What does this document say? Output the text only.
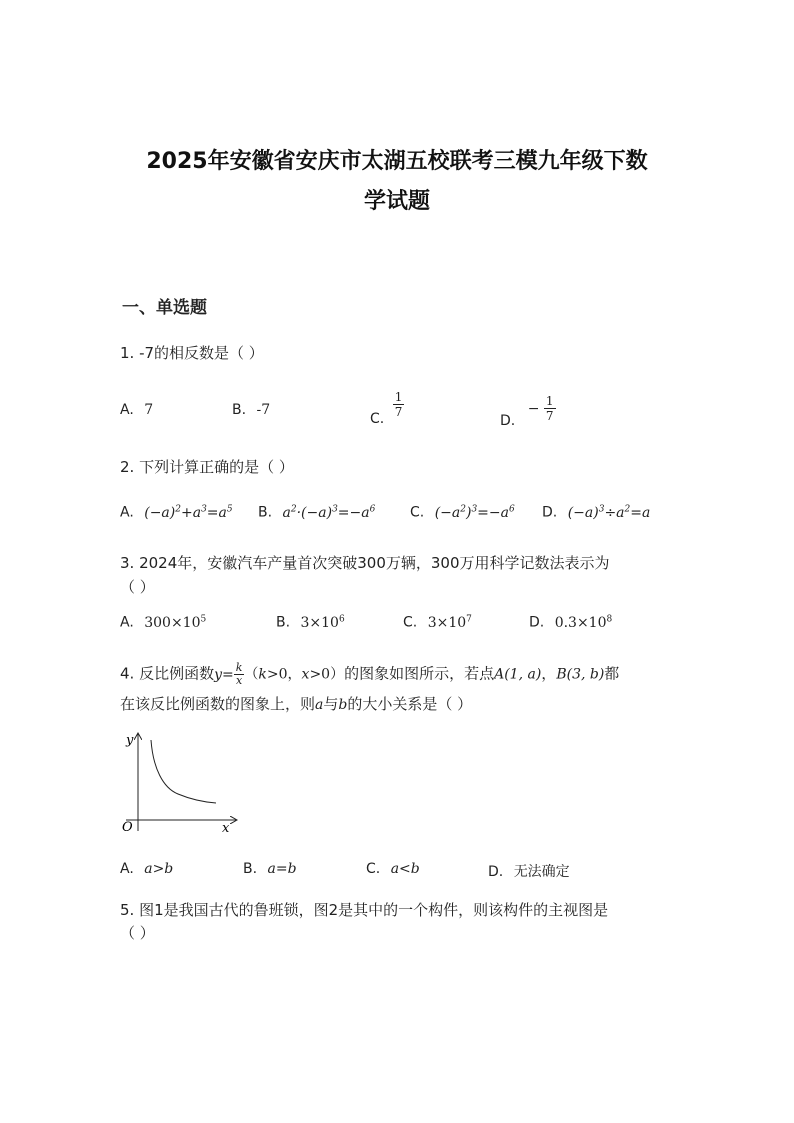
2025年安徽省安庆市太湖五校联考三模九年级下数
学试题
一、单选题
1. -7的相反数是（ ）
A. 7	B. -7
C. $\frac{1}{7}$
D. − $\frac{1}{7}$
2. 下列计算正确的是（ ）
A. $(-a)^2+a^3=a^5$ B. $a^2\cdot(-a)^3=-a^6$ C. $(-a^2)^3=-a^6$ D. $(-a)^3\div a^2=a$
3. 2024年，安徽汽车产量首次突破300万辆，300万用科学记数法表示为
（ ）
A. $300\times 10^5$	B. $3\times 10^6$	C. $3\times 10^7$	D. $0.3\times 10^8$
4. 反比例函数$y= \frac{k}{x} (k>0$，x>0）的图象如图所示，若点A(1, a)，B(3, b)都
在该反比例函数的图象上，则a与b的大小关系是（ ）
y
x
O
A. a>b	B. a=b	C. a<b	D. 无法确定
5. 图1是我国古代的鲁班锁，图2是其中的一个构件，则该构件的主视图是
（ ）
